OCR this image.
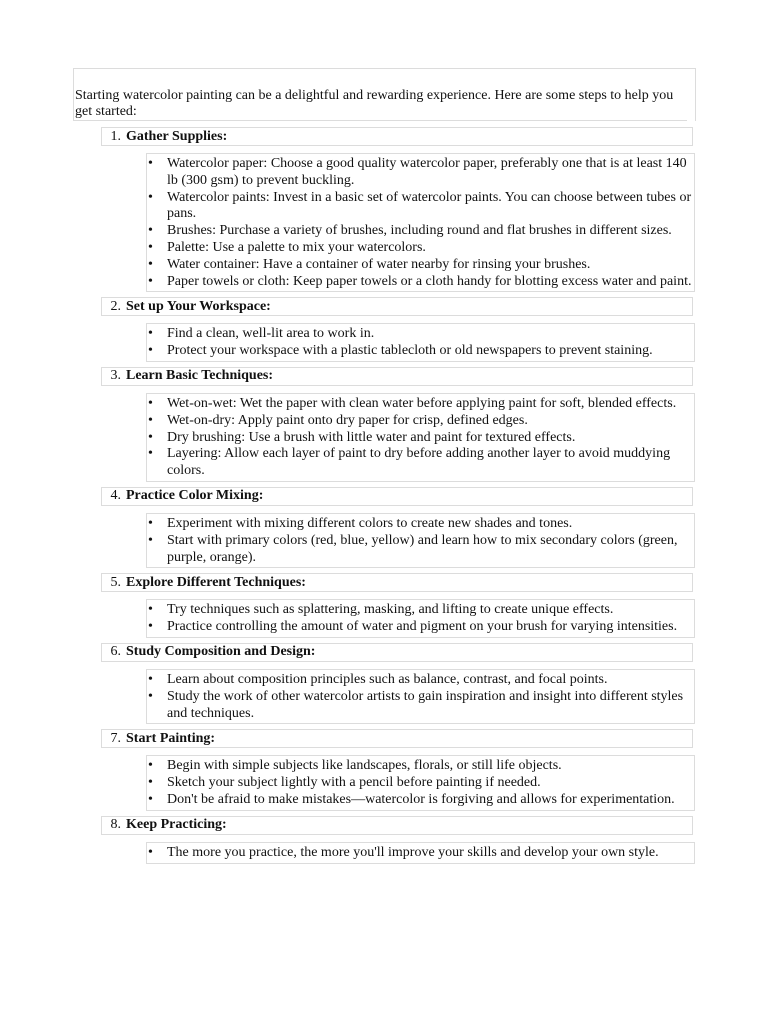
Starting watercolor painting can be a delightful and rewarding experience. Here are some steps to help you get started:

1. Gather Supplies:
• Watercolor paper: Choose a good quality watercolor paper, preferably one that is at least 140 lb (300 gsm) to prevent buckling.
• Watercolor paints: Invest in a basic set of watercolor paints. You can choose between tubes or pans.
• Brushes: Purchase a variety of brushes, including round and flat brushes in different sizes.
• Palette: Use a palette to mix your watercolors.
• Water container: Have a container of water nearby for rinsing your brushes.
• Paper towels or cloth: Keep paper towels or a cloth handy for blotting excess water and paint.
2. Set up Your Workspace:
• Find a clean, well-lit area to work in.
• Protect your workspace with a plastic tablecloth or old newspapers to prevent staining.
3. Learn Basic Techniques:
• Wet-on-wet: Wet the paper with clean water before applying paint for soft, blended effects.
• Wet-on-dry: Apply paint onto dry paper for crisp, defined edges.
• Dry brushing: Use a brush with little water and paint for textured effects.
• Layering: Allow each layer of paint to dry before adding another layer to avoid muddying colors.
4. Practice Color Mixing:
• Experiment with mixing different colors to create new shades and tones.
• Start with primary colors (red, blue, yellow) and learn how to mix secondary colors (green, purple, orange).
5. Explore Different Techniques:
• Try techniques such as splattering, masking, and lifting to create unique effects.
• Practice controlling the amount of water and pigment on your brush for varying intensities.
6. Study Composition and Design:
• Learn about composition principles such as balance, contrast, and focal points.
• Study the work of other watercolor artists to gain inspiration and insight into different styles and techniques.
7. Start Painting:
• Begin with simple subjects like landscapes, florals, or still life objects.
• Sketch your subject lightly with a pencil before painting if needed.
• Don't be afraid to make mistakes—watercolor is forgiving and allows for experimentation.
8. Keep Practicing:
• The more you practice, the more you'll improve your skills and develop your own style.
